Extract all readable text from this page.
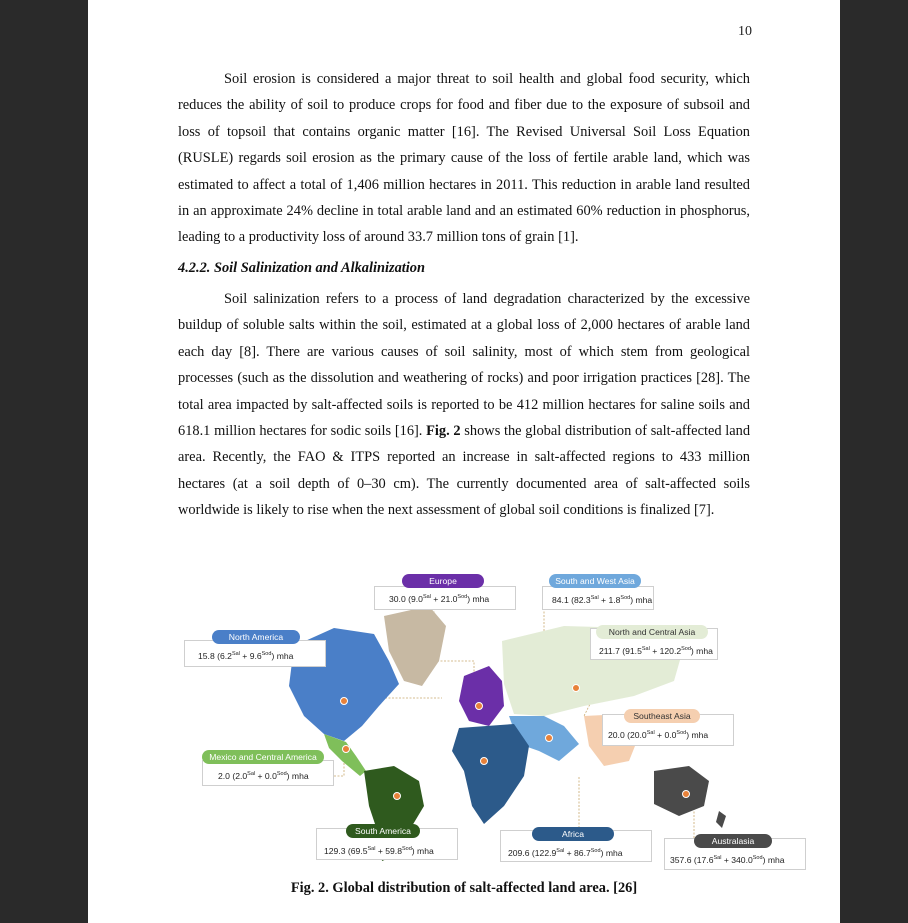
10

Soil erosion is considered a major threat to soil health and global food security, which reduces the ability of soil to produce crops for food and fiber due to the exposure of subsoil and loss of topsoil that contains organic matter [16]. The Revised Universal Soil Loss Equation (RUSLE) regards soil erosion as the primary cause of the loss of fertile arable land, which was estimated to affect a total of 1,406 million hectares in 2011. This reduction in arable land resulted in an approximate 24% decline in total arable land and an estimated 60% reduction in phosphorus, leading to a productivity loss of around 33.7 million tons of grain [1].

4.2.2. Soil Salinization and Alkalinization

Soil salinization refers to a process of land degradation characterized by the excessive buildup of soluble salts within the soil, estimated at a global loss of 2,000 hectares of arable land each day [8]. There are various causes of soil salinity, most of which stem from geological processes (such as the dissolution and weathering of rocks) and poor irrigation practices [28]. The total area impacted by salt-affected soils is reported to be 412 million hectares for saline soils and 618.1 million hectares for sodic soils [16]. Fig. 2 shows the global distribution of salt-affected land area. Recently, the FAO & ITPS reported an increase in salt-affected regions to 433 million hectares (at a soil depth of 0–30 cm). The currently documented area of salt-affected soils worldwide is likely to rise when the next assessment of global soil conditions is finalized [7].

Europe
30.0 $(9.0^{Sal} + 21.0^{Sod})$ mha
South and West Asia
84.1 $(82.3^{Sal} + 1.8^{Sod})$ mha
North America
15.8 $(6.2^{Sal} + 9.6^{Sod})$ mha
North and Central Asia
211.7 $(91.5^{Sal} + 120.2^{Sod})$ mha
Southeast Asia
20.0 $(20.0^{Sal} + 0.0^{Sod})$ mha
Mexico and Central America
2.0 $(2.0^{Sal} + 0.0^{Sod})$ mha
South America
129.3 $(69.5^{Sal} + 59.8^{Sod})$ mha
Africa
209.6 $(122.9^{Sal} + 86.7^{Sod})$ mha
Australasia
357.6 $(17.6^{Sal} + 340.0^{Sod})$ mha
Fig. 2. Global distribution of salt-affected land area. [26]
